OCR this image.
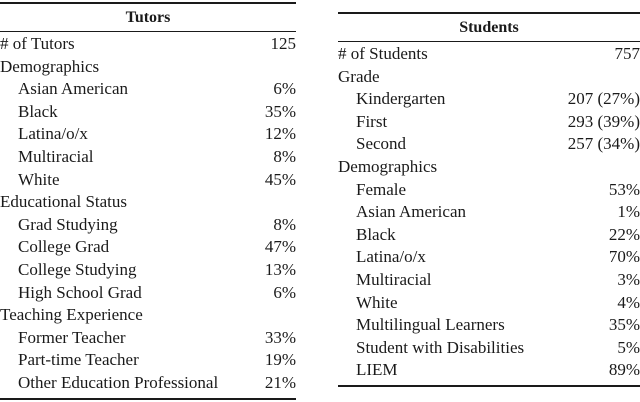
Tutors
# of Tutors	125
Demographics
Asian American	6%
Black	35%
Latina/o/x	12%
Multiracial	8%
White	45%
Educational Status
Grad Studying	8%
College Grad	47%
College Studying	13%
High School Grad	6%
Teaching Experience
Former Teacher	33%
Part-time Teacher	19%
Other Education Professional	21%
Students
# of Students	757
Grade
Kindergarten	207 (27%)
First	293 (39%)
Second	257 (34%)
Demographics
Female	53%
Asian American	1%
Black	22%
Latina/o/x	70%
Multiracial	3%
White	4%
Multilingual Learners	35%
Student with Disabilities	5%
LIEM	89%
